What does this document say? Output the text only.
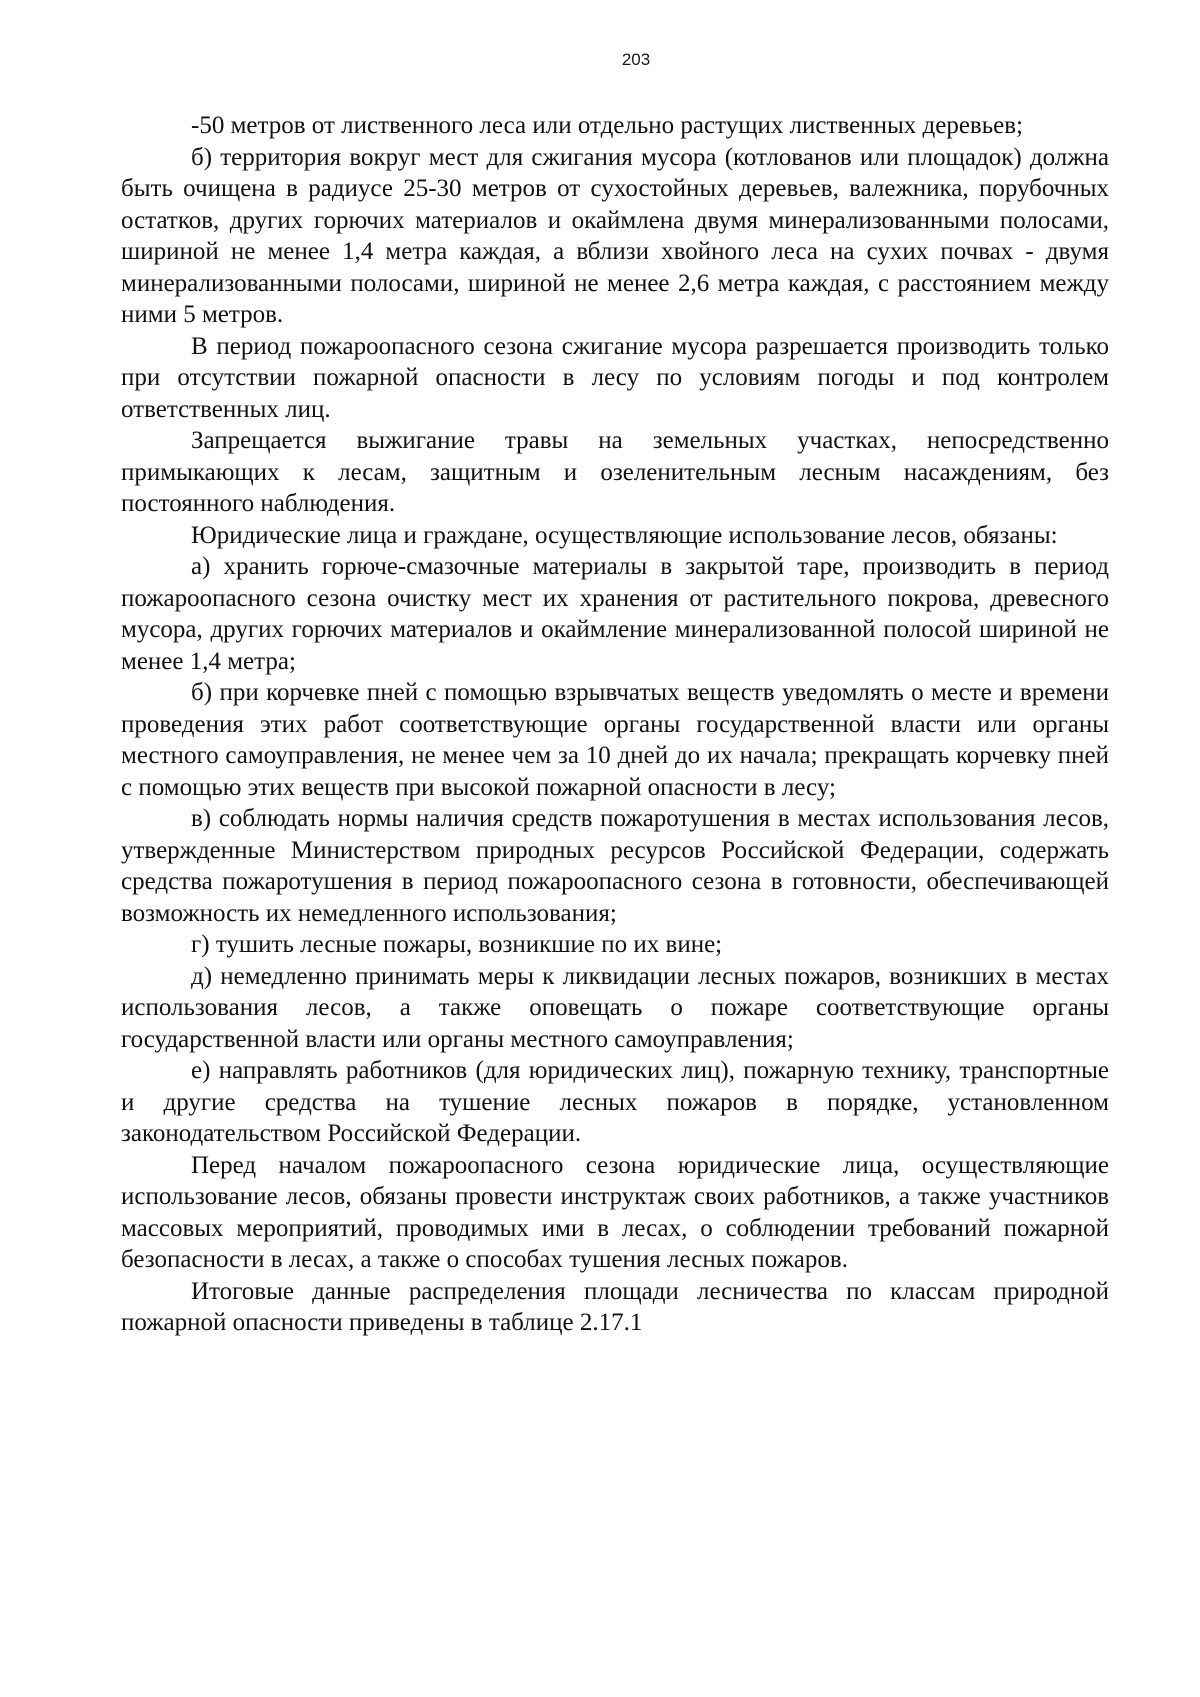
203

-50 метров от лиственного леса или отдельно растущих лиственных деревьев;

б) территория вокруг мест для сжигания мусора (котлованов или площадок) должна быть очищена в радиусе 25-30 метров от сухостойных деревьев, валежника, порубочных остатков, других горючих материалов и окаймлена двумя минерализованными полосами, шириной не менее 1,4 метра каждая, а вблизи хвойного леса на сухих почвах - двумя минерализованными полосами, шириной не менее 2,6 метра каждая, с расстоянием между ними 5 метров.

В период пожароопасного сезона сжигание мусора разрешается производить только при отсутствии пожарной опасности в лесу по условиям погоды и под контролем ответственных лиц.

Запрещается выжигание травы на земельных участках, непосредственно примыкающих к лесам, защитным и озеленительным лесным насаждениям, без постоянного наблюдения.

Юридические лица и граждане, осуществляющие использование лесов, обязаны:

а) хранить горюче-смазочные материалы в закрытой таре, производить в период пожароопасного сезона очистку мест их хранения от растительного покрова, древесного мусора, других горючих материалов и окаймление минерализованной полосой шириной не менее 1,4 метра;

б) при корчевке пней с помощью взрывчатых веществ уведомлять о месте и времени проведения этих работ соответствующие органы государственной власти или органы местного самоуправления, не менее чем за 10 дней до их начала; прекращать корчевку пней с помощью этих веществ при высокой пожарной опасности в лесу;

в) соблюдать нормы наличия средств пожаротушения в местах использования лесов, утвержденные Министерством природных ресурсов Российской Федерации, содержать средства пожаротушения в период пожароопасного сезона в готовности, обеспечивающей возможность их немедленного использования;

г) тушить лесные пожары, возникшие по их вине;

д) немедленно принимать меры к ликвидации лесных пожаров, возникших в местах использования лесов, а также оповещать о пожаре соответствующие органы государственной власти или органы местного самоуправления;

е) направлять работников (для юридических лиц), пожарную технику, транспортные и другие средства на тушение лесных пожаров в порядке, установленном законодательством Российской Федерации.

Перед началом пожароопасного сезона юридические лица, осуществляющие использование лесов, обязаны провести инструктаж своих работников, а также участников массовых мероприятий, проводимых ими в лесах, о соблюдении требований пожарной безопасности в лесах, а также о способах тушения лесных пожаров.

Итоговые данные распределения площади лесничества по классам природной пожарной опасности приведены в таблице 2.17.1
